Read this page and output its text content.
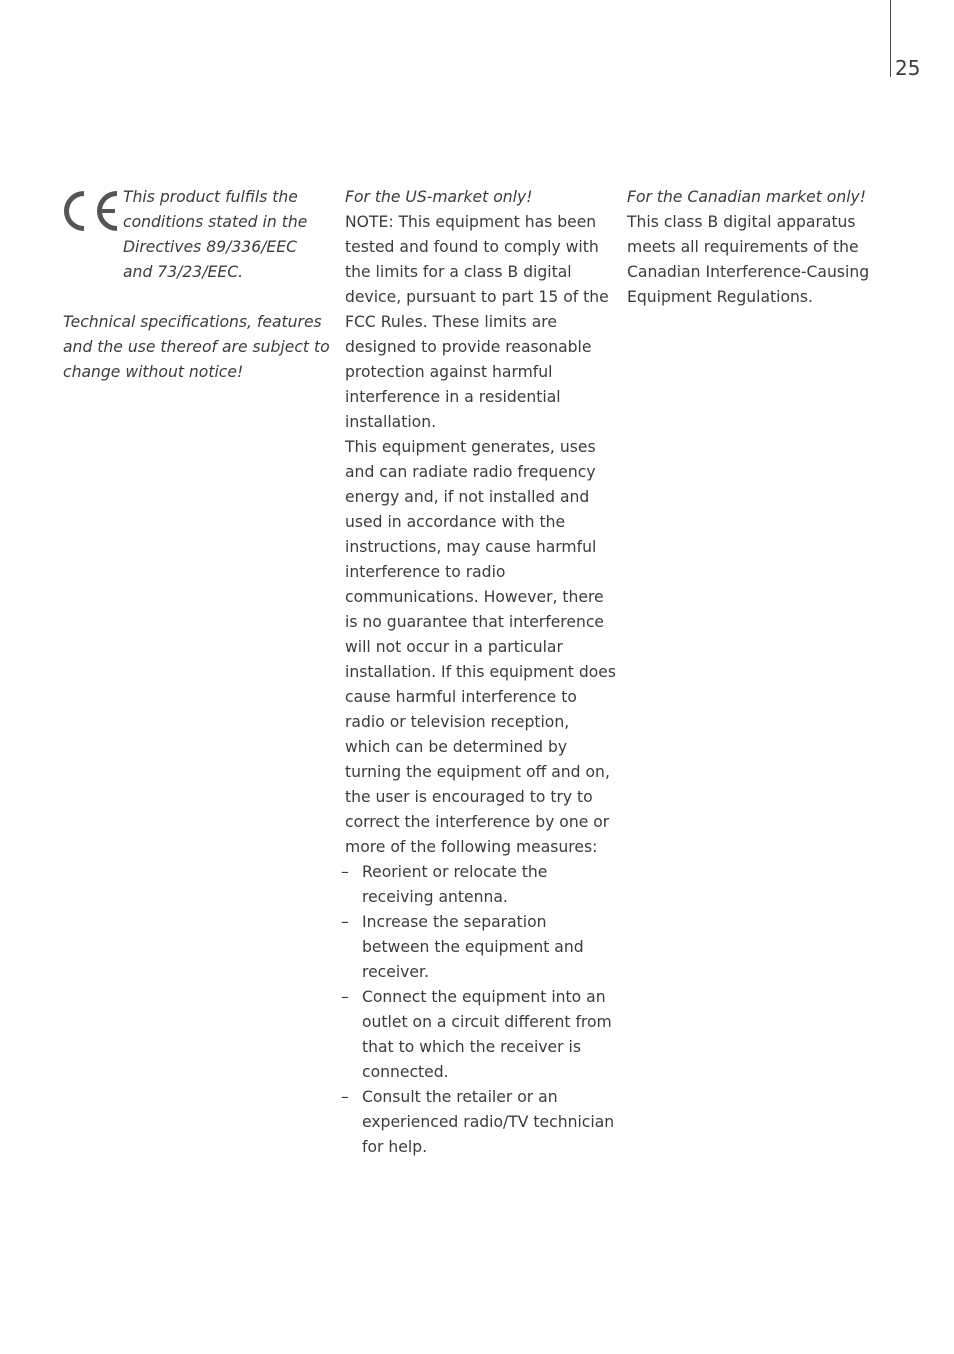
25

This product fulfils the conditions stated in the Directives 89/336/EEC and 73/23/EEC.

Technical specifications, features and the use thereof are subject to change without notice!

For the US-market only!

NOTE: This equipment has been tested and found to comply with the limits for a class B digital device, pursuant to part 15 of the FCC Rules. These limits are designed to provide reasonable protection against harmful interference in a residential installation.

This equipment generates, uses and can radiate radio frequency energy and, if not installed and used in accordance with the instructions, may cause harmful interference to radio communications. However, there is no guarantee that interference will not occur in a particular installation. If this equipment does cause harmful interference to radio or television reception, which can be determined by turning the equipment off and on, the user is encouraged to try to correct the interference by one or more of the following measures:

– Reorient or relocate the receiving antenna.
– Increase the separation between the equipment and receiver.
– Connect the equipment into an outlet on a circuit different from that to which the receiver is connected.
– Consult the retailer or an experienced radio/TV technician for help.

For the Canadian market only!

This class B digital apparatus meets all requirements of the Canadian Interference-Causing Equipment Regulations.
